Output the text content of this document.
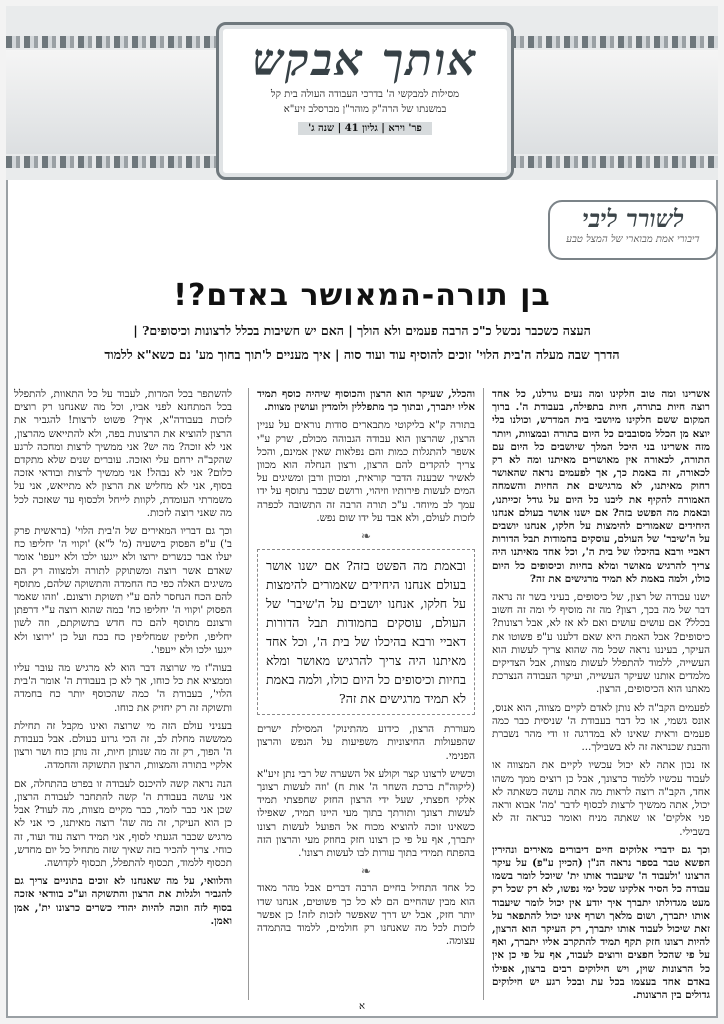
אותך אבקש
מסילות למבקשי ה' בדרכי העבודה העולה בית קל
במשנתו של הרה"ק מוהר"ן מברסלב זיע"א
פר' וירא | גליון 41 | שנה ג'
לשורר ליבי
דיבורי אמת מבוארי של המצל טבע
בן תורה-המאושר באדם?!
העצה כשכבר נכשל כ"כ הרבה פעמים ולא הולך | האם יש חשיבות בכלל לרצונות וכיסופים? |
הדרך שבה מעלה ה'בית הלוי' זוכים להוסיף עוד ועוד סוה | איך מעניים ל'תוך בחוך מע' נם כשא"א ללמוד

אשרינו ומה טוב חלקינו ומה נעים גורלנו, כל אחד רוצה חיות בתורה, חיות בתפילה, בעבודת ה'. ברוך המקום ששם חלקינו מיושבי בית המדרש, וכולנו בלי יוצא מן הכלל מסובבים כל היום בתורה ובמצוות, ויותר מזה אשרינו בני היכל המלך שיושבים כל היום עם התורה, לכאורה אין מאושרים מאיתנו ומה לא רק לכאורה, זה באמת כך, אך לפעמים נראה שהאושר רחוק מאיתנו, לא מרגישים את החיות והשמחה האמורה להקיף את ליבנו כל היום על גודל זכייתנו, ובאמת מה הפשט בזה? אם ישנו אושר בעולם אנחנו היחידים שאמורים להימצות על חלקו, אנחנו יושבים על ה'שיבר' של העולם, עוסקים בחמודות תבל הדורות דאביי ורבא בהיכלו של בית ה', וכל אחד מאיתנו היה צריך להרגיש מאושר ומלא בחיות וכיסופים כל היום כולו, ולמה באמת לא תמיד מרגישים את זה?

ישנו עבודה של רצון, של כיסופים, בעיני בשר זה נראה דבר של מה בכך, רצון? מה זה מוסיף לי ומה זה חשוב בכלל? אם עושים עושים ואם לא אז לא, אבל רצונות? כיסופים? אבל האמת היא שאם דלענו ע"פ פשוטו את העיקר, בעיננו נראה שכל מה שהוא צריך לעשות הוא העשייה, ללמוד להתפלל לעשות מצוות, אבל הצדיקים מלמדים אותנו שעיקר העשייה, ועיקר העבודה הנצרכת מאתנו הוא הכיסופים, הרצון.

לפעמים הקב"ה לא נותן לאדם לקיים מצווה, הוא אנוס, אונס גשמי, או כל דבר בעבודת ה' שניסית כבר כמה פעמים וראית שאינו לא במדרגה זו ודי מהר נשברת והבנת שכנראה זה לא בשבילך...

אז נכון אתה לא יכול עכשיו לקיים את המצווה או לעבוד עכשיו ללמוד כרצונך, אבל כן רוצים ממך משהו אחד, הקב"ה רוצה לראות מה אתה עושה כשאתה לא יכול, אתה ממשיך לרצות לכסוף לדבר 'מה' אבוא וראה פני אלקים' או שאתה מניח ואומר כנראה זה לא בשבילי.

וכך גם ידברי אלוקים חיים דיבורים מאירים ונהירין הפשא טבר בספר נראה הנ"ן (הכיין ע"פ) על עיקר הרצונו 'ולעבוד ה' שיעבוד אותו ית' שיוכל לומר בשמו עבודה כל הסיר אלקינו שכל ימי נפשו, לא רק שכל רק מעט מגדולתו יתברך איך יודע אין יכול לומר שיעבוד אותו יתברך, ושום מלאך ושרף אינו יכול להתפאר על זאת שיכול לעבוד אותו יתברך, רק העיקר הוא הרצון, להיות רצונו חזק תקף תמיד להתקרב אליו יתברך, ואף על פי שהכל חפצים ורוצים לעבוד, אף על פי כן אין כל הרצונות שוין, ויש חילוקים רבים ברצון, אפילו באדם אחד בעצמו בכל עת ובכל רגע יש חילוקים גדולים בין הרצונות.

והכלל, שעיקר הוא הרצון והכוסוף שיהיה כוסף תמיד אליו יתברך, ובתוך כך מתפללין ולומדין ועושין מצוות.

בתורה ק"א בליקוטי מתבארים סודות נוראים על עניין הרצון, שהרצון הוא עבודה הגבוהה מכולם, שרק ע"י אשפר להתגלות כמות והם נפלאות שאין אמינם, והכל צריך להקדים להם הרצון, ורצון הנחלה הוא מכוון לאשיר שבענה הדבר קוראית, ומכוון ורבן ומשיגים על המים לעשות פירותיו וזיהוי, ורושם שכבר נתוסף על ידו עמך לב מיוחד. ע"כ תורה הרבה זה התשובה לכפרה לזכות לעולם, ולא אבד על ידו שום נפש.

❧
ובאמת מה הפשט בזה? אם ישנו אושר בעולם אנחנו היחידים שאמורים להימצות על חלקו, אנחנו יושבים על ה'שיבר' של העולם, עוסקים בחמודות תבל הדורות דאביי ורבא בהיכלו של בית ה', וכל אחד מאיתנו היה צריך להרגיש מאושר ומלא בחיות וכיסופים כל היום כולו, ולמה באמת לא תמיד מרגישים את זה?

מעוררת הרצון, כידוע מהתינוק' המסילת ישרים שהפעולות החיצוניות משפיעות על הנפש והרצון הפנימי.

וכשיש לרצונו קצר וקולע אל השערה של רבי נתן זיע"א (ליקוה"ת ברכת השחר ה' אות ח) 'וזה לעשות רצונך אלקי חפצתי, שעל ידי הרצון החזק שחפצתי תמיד לעשות רצונך ותורתך בתוך מעי היינו תמיד, שאפילו כשאינו זוכה להוציא מכוח אל הפועל לעשות רצונו יתברך, אף על פי כן רצונו חזק בחוזק מעי והרצון הזה בהפתח תמידי בתוך עורות לבו לעשות רצונו'.

❧

כל אחד התחיל בחיים הרבה דברים אבל מהר מאוד הוא מבין שהחיים הם לא כל כך פשוטים, אנחנו שדו יותר חזק, אבל יש דרך שאפשר לזכות לזה! כן אפשר לזכות לכל מה שאנחנו רק חולמים, ללמוד בהתמדה עצומה.

להשתפר בכל המדות, לעבוד על כל התאוות, להתפלל בכל המתחנא לפני אביו, וכל מה שאנחנו רק רוצים לזכות בעבודה"א, איך? פשוט לרצות! להגביר את הרצון להוציא את הרצונות בפה, ולא להתייאש מהרצון, אני לא זוכה? מה יש? אני ממשיך לרצות ומחכה לרגע שהקב"ה ירחם עלי ואזכה. עוברים שנים שלא מתקדם כלום? אני לא נבהל! אני ממשיך לרצות ובודאי אזכה בסוף, אני לא מחליש את הרצון לא מתייאש, אני על משמרתי העומדת, לקוות לייחל ולכסוף עד שאזכה לכל מה שאני רוצה לזכות.

וכך גם דבריו המאירים של ה'בית הלוי' (בראשית פרק ב') ע"פ הפסוק בישעיה (מ' ל"א) 'וקווי ה' יחליפו כח יעלו אבר כנשרים ירוצו ולא ייגעו ילכו ולא ייעפו' אומר שאדם אשר רוצה ומשתוקק לתורה ולמצווה רק הם משיגים האלה כפי כח החמדה והתשוקה שלהם, מתוסף להם הכח הנחסר להם ע"י תשוקת ורצונם. 'וזהו שאמר הפסוק 'וקווי ה' יחליפו כח' במה שהוא רוצה ע"י דרפתן ורצונם מתוסף להם כח חדש בתשוקתם, וזה לשון יחליפו, חליפין שמחליפין כח בכח ועל כן 'ירוצו ולא ייגעו ילכו ולא ייעפו'.

בעוה"ז מי שרוצה דבר הוא לא מרגיש מה עובר עליו וממציא את כל כוחו, אך לא כן בעבודת ה' אומר ה'בית הלוי', בעבודת ה' כמה שהכוסף יותר כח בחמדה ותשוקה זה רק יחזיק את כוחו.

בעניני עולם הזה מי שרוצה ואינו מקבל זה תחילת ממששה מחלת לב, זה הכי גרוע בעולם. אבל בעבודת ה' הפוך, רק זה מה שנותן חיות, זה נותן כוח ושר ורצון אלקיי בתורה והמצוות, הרצון התשוקה והחמדה.

הנה נראה קשה להיכנס לעבודה זו בפרט בהתחלה, אם אני עושה בעבודת ה' קשה להתחבר לעבודת הרצון, שכן אני כבר לומד, כבר מקיים מצוות, מה לעוד? אבל כן הוא העיקר, זה מה שה' רוצה מאיתנו, כי אני לא מרגיש שכבר הגעתי לסוף, אני תמיד רוצה עוד ועוד, זה כוחי. צריך להכיר בזה שאיך שזה מתחיל כל יום מחדש, תכסוף ללמוד, תכסוף להתפלל, תכסוף לקדושה.

והלוואי, על מה שאנחנו לא זוכים בתוניים צריך גם להגביר ולגלות את הרצון והתשוקה וע"כ בוודאי אזכה בסוף לזה וזוכה להיות יהודי כשרים כרצונו ית', אמן ואמן.

א
